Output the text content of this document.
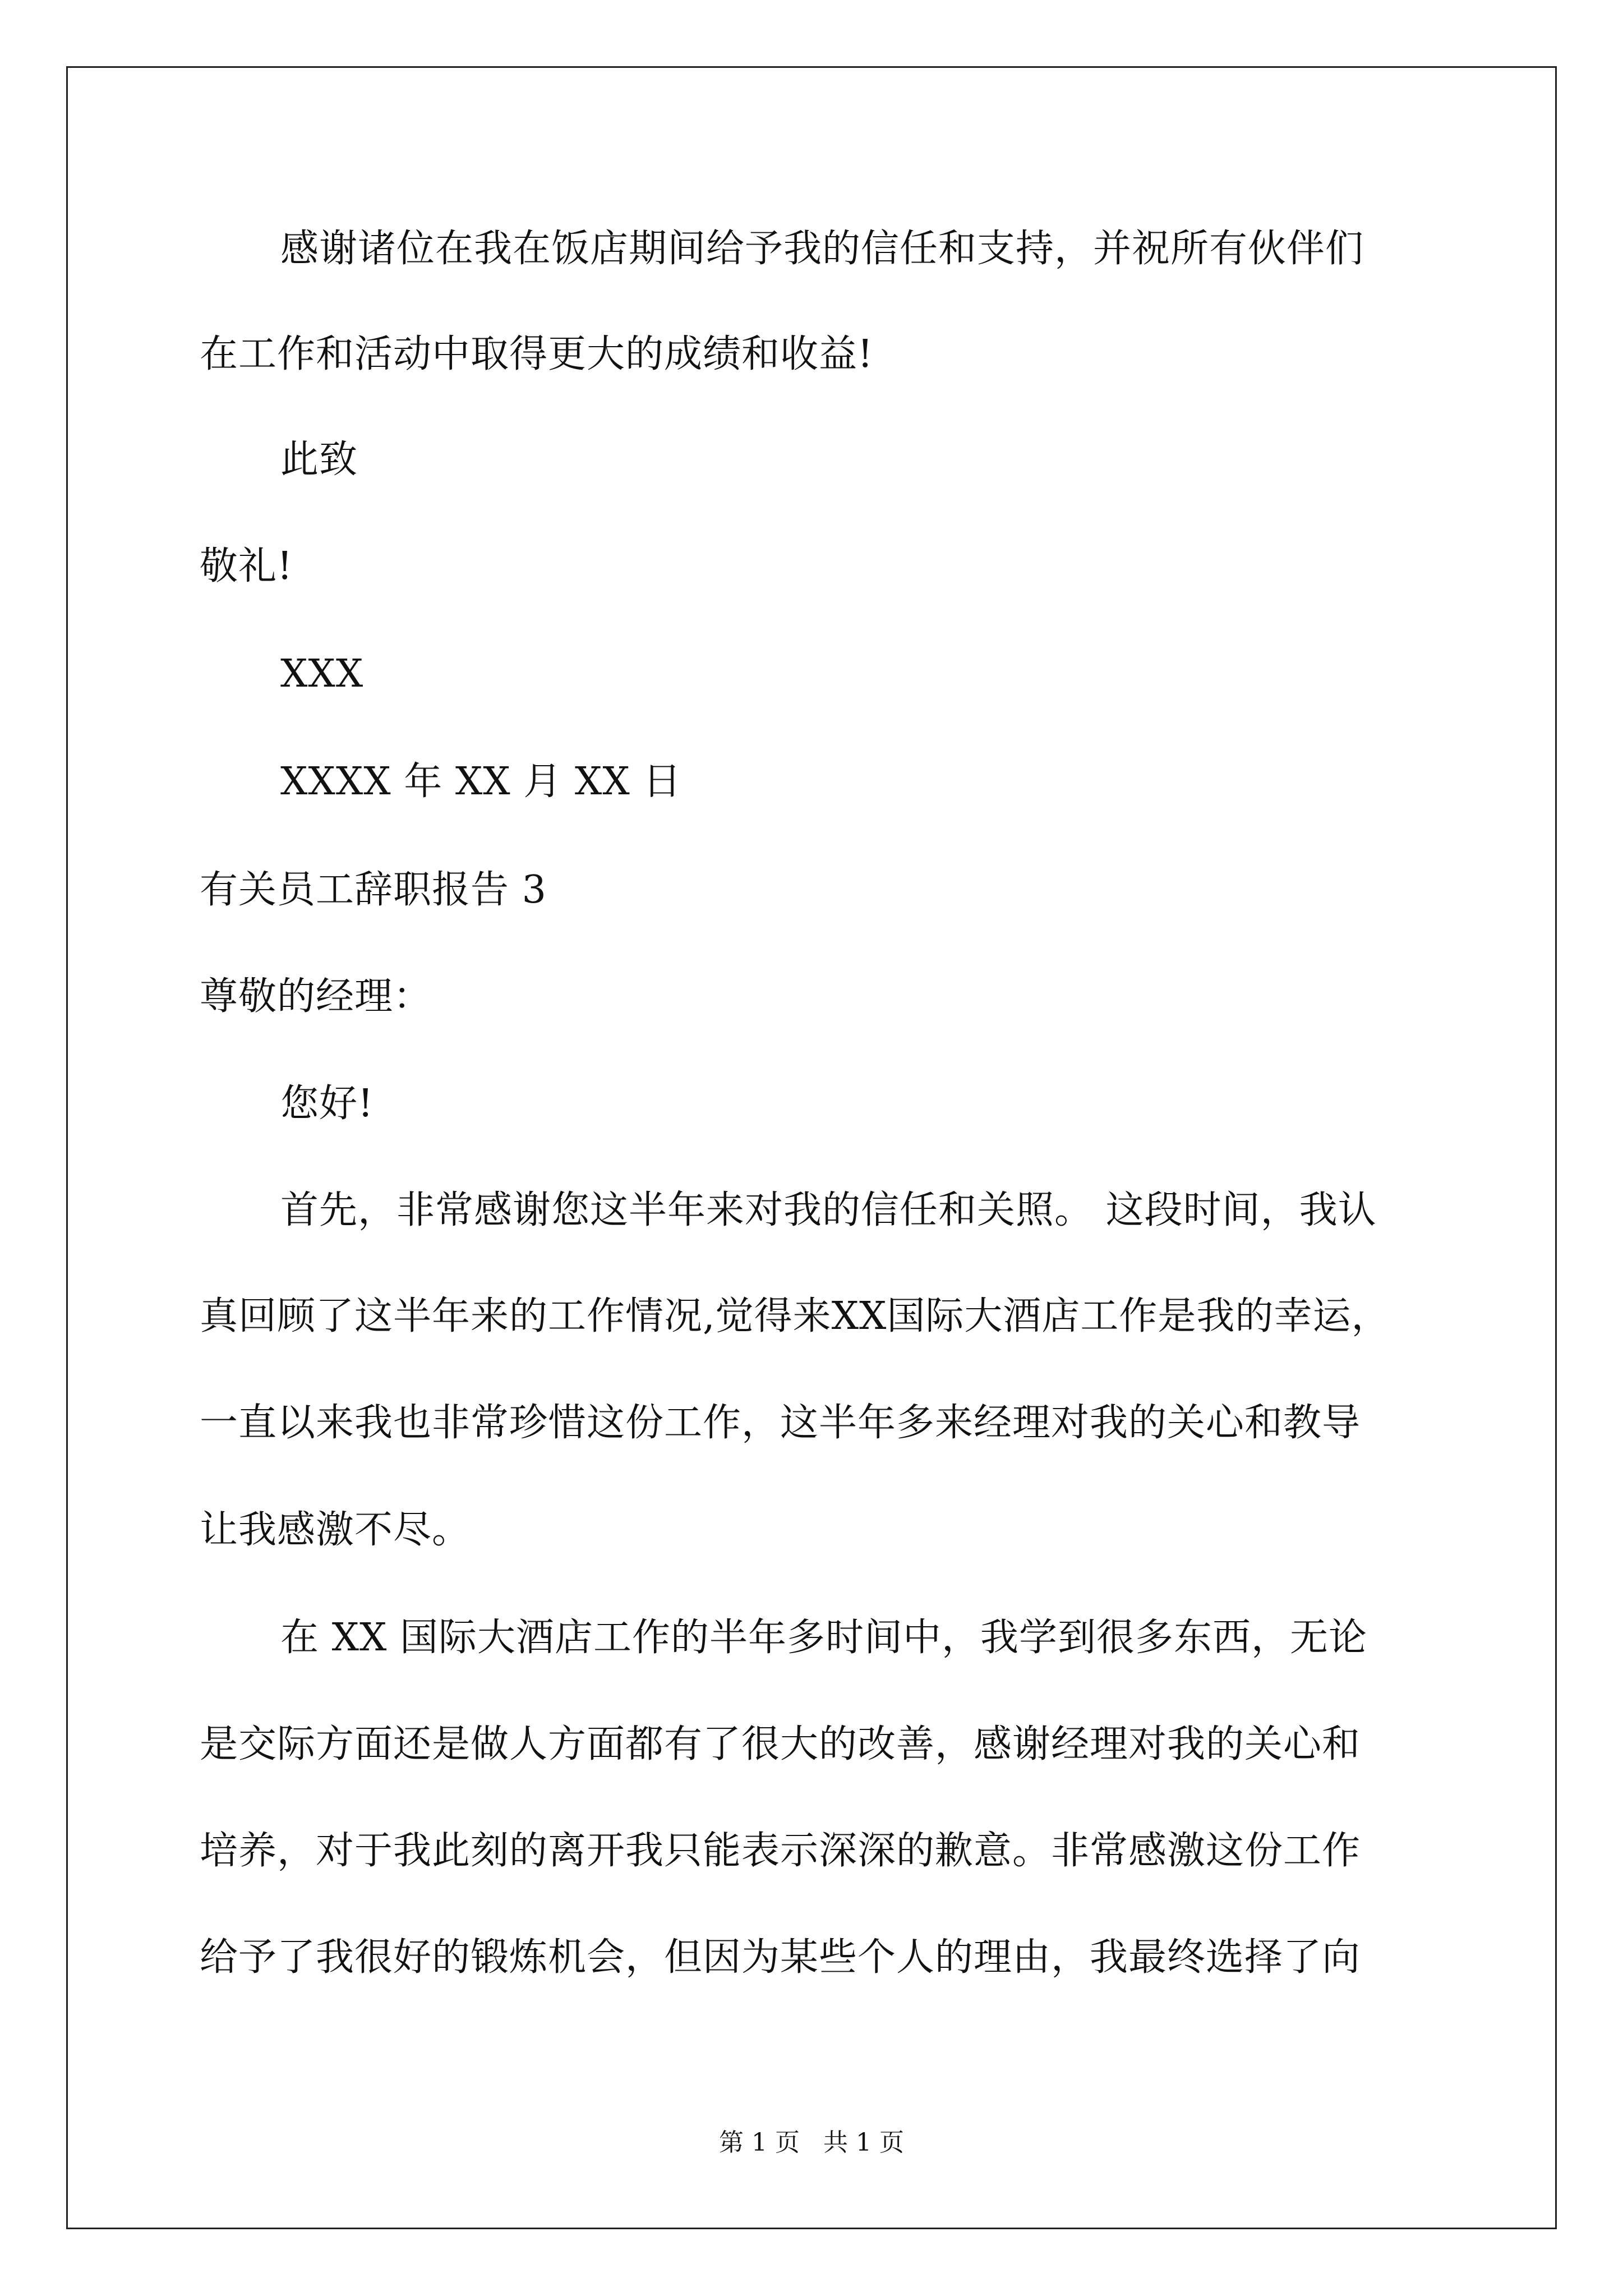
感谢诸位在我在饭店期间给予我的信任和支持，并祝所有伙伴们
在工作和活动中取得更大的成绩和收益!
此致
敬礼!
XXX
XXXX 年 XX 月 XX 日
有关员工辞职报告 3
尊敬的经理：
您好!
首先，非常感谢您这半年来对我的信任和关照。 这段时间，我认
真回顾了这半年来的工作情况,觉得来XX国际大酒店工作是我的幸运，
一直以来我也非常珍惜这份工作，这半年多来经理对我的关心和教导
让我感激不尽。
在 XX 国际大酒店工作的半年多时间中，我学到很多东西，无论
是交际方面还是做人方面都有了很大的改善，感谢经理对我的关心和
培养，对于我此刻的离开我只能表示深深的歉意。非常感激这份工作
给予了我很好的锻炼机会，但因为某些个人的理由，我最终选择了向
第 1 页   共 1 页
